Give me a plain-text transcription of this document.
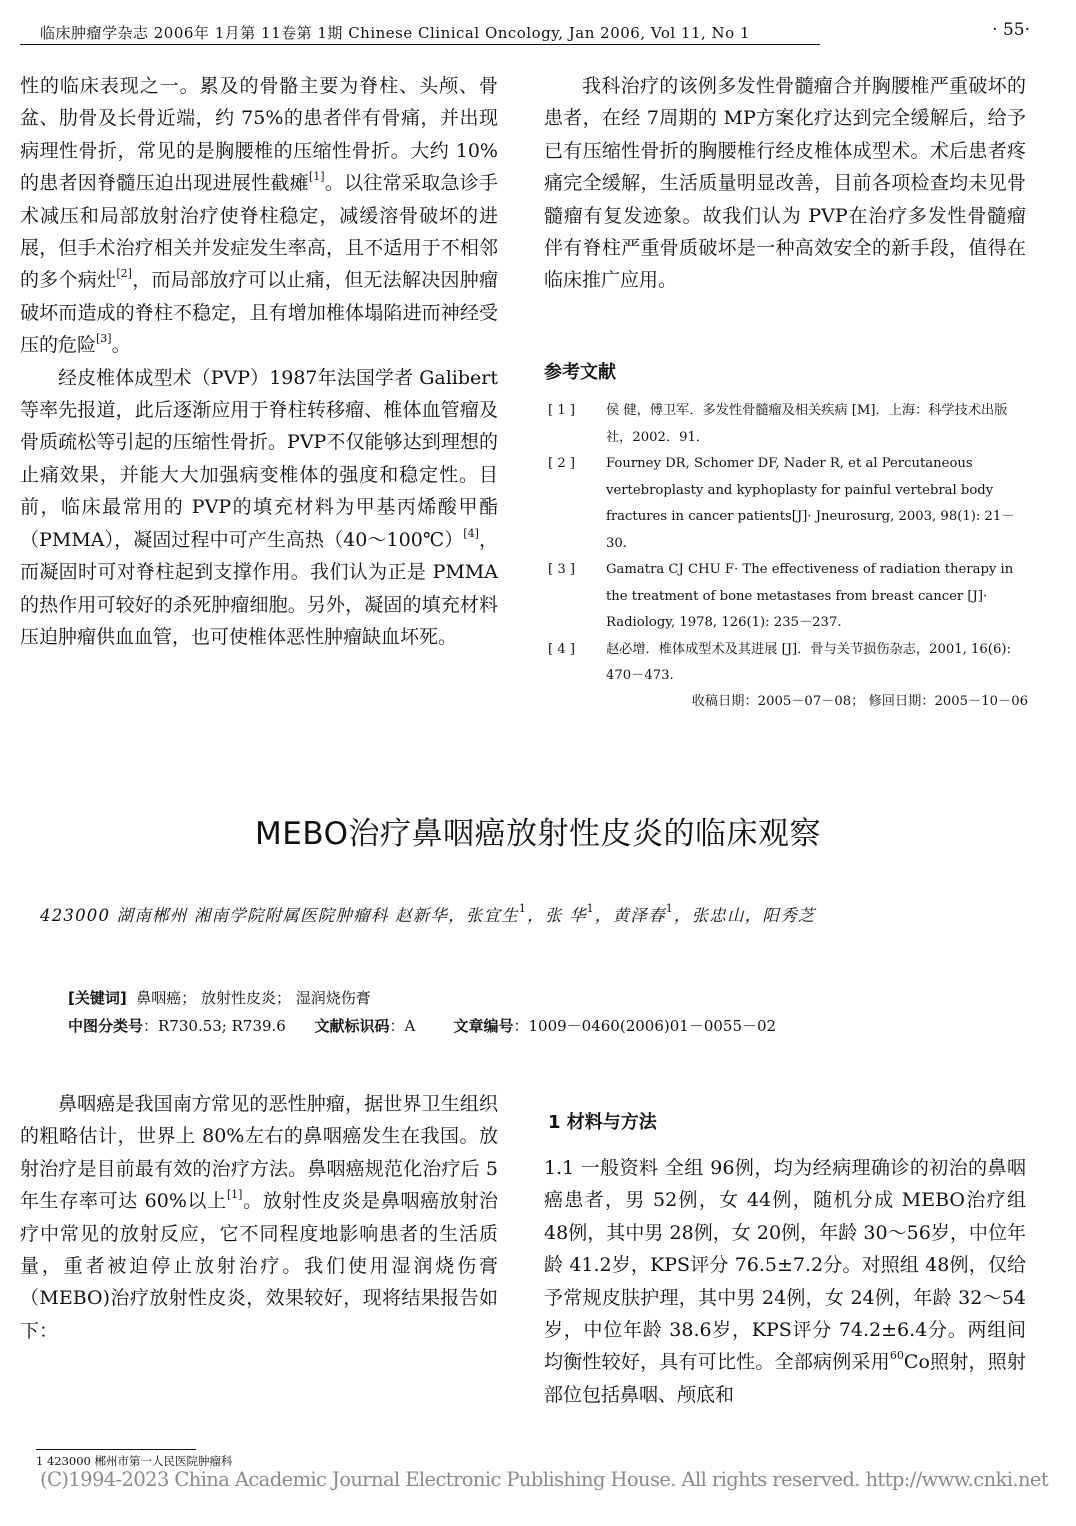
临床肿瘤学杂志 2006年 1月第 11卷第 1期 Chinese Clinical Oncology, Jan 2006, Vol 11, No 1	· 55·

性的临床表现之一。累及的骨骼主要为脊柱、头颅、骨盆、肋骨及长骨近端，约 75%的患者伴有骨痛，并出现病理性骨折，常见的是胸腰椎的压缩性骨折。大约 10%的患者因脊髓压迫出现进展性截瘫[1]。以往常采取急诊手术减压和局部放射治疗使脊柱稳定，减缓溶骨破坏的进展，但手术治疗相关并发症发生率高，且不适用于不相邻的多个病灶[2]，而局部放疗可以止痛，但无法解决因肿瘤破坏而造成的脊柱不稳定，且有增加椎体塌陷进而神经受压的危险[3]。

经皮椎体成型术（PVP）1987年法国学者 Galibert等率先报道，此后逐渐应用于脊柱转移瘤、椎体血管瘤及骨质疏松等引起的压缩性骨折。PVP不仅能够达到理想的止痛效果，并能大大加强病变椎体的强度和稳定性。目前，临床最常用的 PVP的填充材料为甲基丙烯酸甲酯（PMMA），凝固过程中可产生高热（40～100℃）[4]，而凝固时可对脊柱起到支撑作用。我们认为正是 PMMA的热作用可较好的杀死肿瘤细胞。另外，凝固的填充材料压迫肿瘤供血血管，也可使椎体恶性肿瘤缺血坏死。

我科治疗的该例多发性骨髓瘤合并胸腰椎严重破坏的患者，在经 7周期的 MP方案化疗达到完全缓解后，给予已有压缩性骨折的胸腰椎行经皮椎体成型术。术后患者疼痛完全缓解，生活质量明显改善，目前各项检查均未见骨髓瘤有复发迹象。故我们认为 PVP在治疗多发性骨髓瘤伴有脊柱严重骨质破坏是一种高效安全的新手段，值得在临床推广应用。
参考文献
[ 1 ] 侯 健，傅卫军．多发性骨髓瘤及相关疾病 [M]．上海：科学技术出版社，2002．91．
[ 2 ] Fourney DR, Schomer DF, Nader R, et al Percutaneous vertebroplasty and kyphoplasty for painful vertebral body fractures in cancer patients[J]· Jneurosurg, 2003, 98(1): 21－30.
[ 3 ] Gamatra CJ CHU F· The effectiveness of radiation therapy in the treatment of bone metastases from breast cancer [J]· Radiology, 1978, 126(1): 235－237.
[ 4 ] 赵必增．椎体成型术及其进展 [J]．骨与关节损伤杂志，2001, 16(6): 470－473.
收稿日期：2005－07－08； 修回日期：2005－10－06
MEBO治疗鼻咽癌放射性皮炎的临床观察
423000 湖南郴州 湘南学院附属医院肿瘤科 赵新华，张宜生$^1$，张 华$^1$，黄泽春$^1$，张忠山，阳秀芝
[关键词] 鼻咽癌； 放射性皮炎； 湿润烧伤膏
中图分类号：R730.53; R739.6 文献标识码：A	文章编号：1009－0460(2006)01－0055－02

鼻咽癌是我国南方常见的恶性肿瘤，据世界卫生组织的粗略估计，世界上 80%左右的鼻咽癌发生在我国。放射治疗是目前最有效的治疗方法。鼻咽癌规范化治疗后 5年生存率可达 60%以上[1]。放射性皮炎是鼻咽癌放射治疗中常见的放射反应，它不同程度地影响患者的生活质量，重者被迫停止放射治疗。我们使用湿润烧伤膏（MEBO)治疗放射性皮炎，效果较好，现将结果报告如下：

1 材料与方法

1.1 一般资料 全组 96例，均为经病理确诊的初治的鼻咽癌患者，男 52例，女 44例，随机分成 MEBO治疗组 48例，其中男 28例，女 20例，年龄 30～56岁，中位年龄 41.2岁，KPS评分 76.5±7.2分。对照组 48例，仅给予常规皮肤护理，其中男 24例，女 24例，年龄 32～54岁，中位年龄 38.6岁，KPS评分 74.2±6.4分。两组间均衡性较好，具有可比性。全部病例采用$^{60}$Co照射，照射部位包括鼻咽、颅底和

1 423000 郴州市第一人民医院肿瘤科
(C)1994-2023 China Academic Journal Electronic Publishing House. All rights reserved. http://www.cnki.net
